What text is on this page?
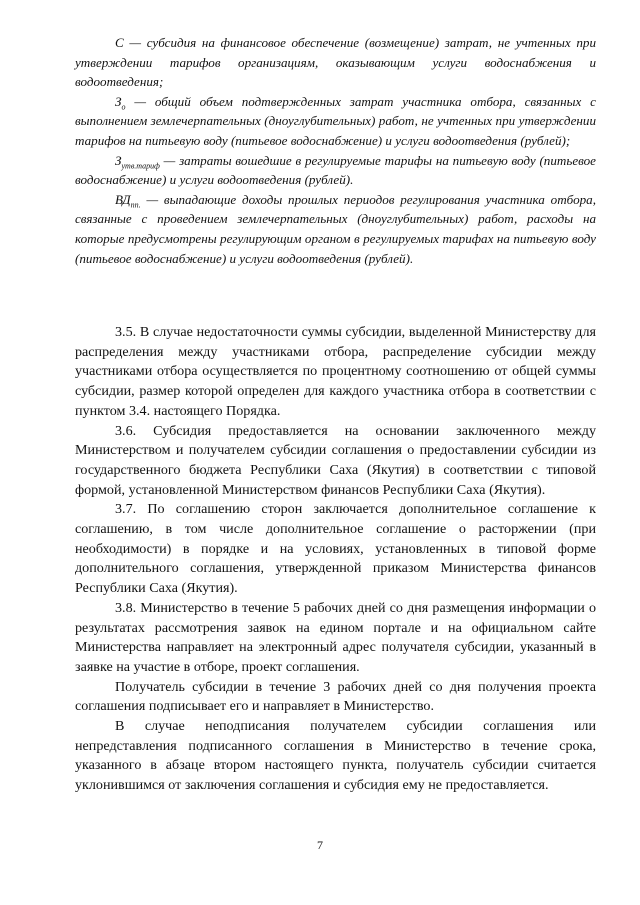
С — субсидия на финансовое обеспечение (возмещение) затрат, не учтенных при утверждении тарифов организациям, оказывающим услуги водоснабжения и водоотведения;

$З_о$ — общий объем подтвержденных затрат участника отбора, связанных с выполнением землечерпательных (дноуглубительных) работ, не учтенных при утверждении тарифов на питьевую воду (питьевое водоснабжение) и услуги водоотведения (рублей);

$З_{утв.тариф}$ — затраты вошедшие в регулируемые тарифы на питьевую воду (питьевое водоснабжение) и услуги водоотведения (рублей).

$ВД_{пп.}$ — выпадающие доходы прошлых периодов регулирования участника отбора, связанные с проведением землечерпательных (дноуглубительных) работ, расходы на которые предусмотрены регулирующим органом в регулируемых тарифах на питьевую воду (питьевое водоснабжение) и услуги водоотведения (рублей).

3.5. В случае недостаточности суммы субсидии, выделенной Министерству для распределения между участниками отбора, распределение субсидии между участниками отбора осуществляется по процентному соотношению от общей суммы субсидии, размер которой определен для каждого участника отбора в соответствии с пунктом 3.4. настоящего Порядка.

3.6. Субсидия предоставляется на основании заключенного между Министерством и получателем субсидии соглашения о предоставлении субсидии из государственного бюджета Республики Саха (Якутия) в соответствии с типовой формой, установленной Министерством финансов Республики Саха (Якутия).

3.7. По соглашению сторон заключается дополнительное соглашение к соглашению, в том числе дополнительное соглашение о расторжении (при необходимости) в порядке и на условиях, установленных в типовой форме дополнительного соглашения, утвержденной приказом Министерства финансов Республики Саха (Якутия).

3.8. Министерство в течение 5 рабочих дней со дня размещения информации о результатах рассмотрения заявок на едином портале и на официальном сайте Министерства направляет на электронный адрес получателя субсидии, указанный в заявке на участие в отборе, проект соглашения.

Получатель субсидии в течение 3 рабочих дней со дня получения проекта соглашения подписывает его и направляет в Министерство.

В случае неподписания получателем субсидии соглашения или непредставления подписанного соглашения в Министерство в течение срока, указанного в абзаце втором настоящего пункта, получатель субсидии считается уклонившимся от заключения соглашения и субсидия ему не предоставляется.

7
